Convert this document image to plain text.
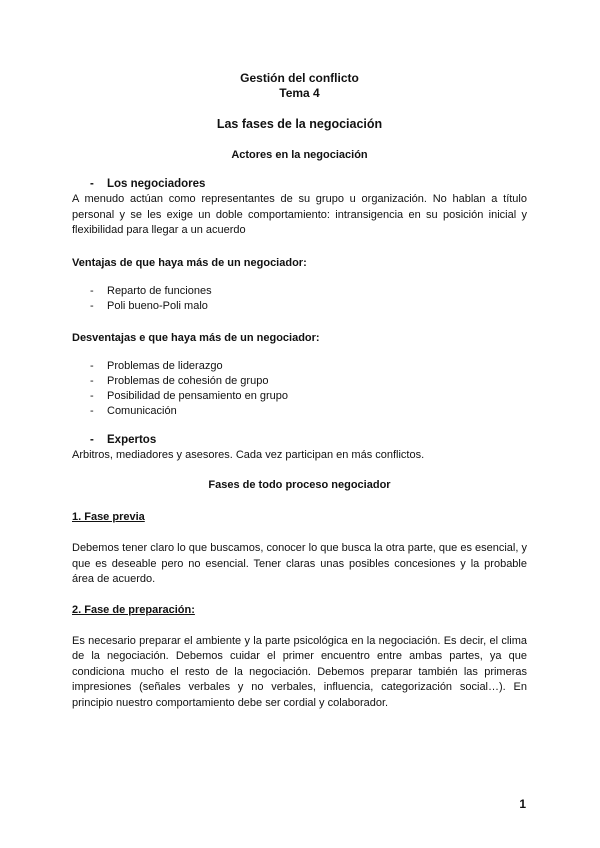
Gestión del conflicto
Tema 4
Las fases de la negociación
Actores en la negociación
- Los negociadores
A menudo actúan como representantes de su grupo u organización. No hablan a título personal y se les exige un doble comportamiento: intransigencia en su posición inicial y flexibilidad para llegar a un acuerdo
Ventajas de que haya más de un negociador:
- Reparto de funciones
- Poli bueno-Poli malo
Desventajas e que haya más de un negociador:
- Problemas de liderazgo
- Problemas de cohesión de grupo
- Posibilidad de pensamiento en grupo
- Comunicación
- Expertos
Arbitros, mediadores y asesores. Cada vez participan en más conflictos.
Fases de todo proceso negociador
1. Fase previa
Debemos tener claro lo que buscamos, conocer lo que busca la otra parte, que es esencial, y que es deseable pero no esencial. Tener claras unas posibles concesiones y la probable área de acuerdo.
2. Fase de preparación:
Es necesario preparar el ambiente y la parte psicológica en la negociación. Es decir, el clima de la negociación. Debemos cuidar el primer encuentro entre ambas partes, ya que condiciona mucho el resto de la negociación. Debemos preparar también las primeras impresiones (señales verbales y no verbales, influencia, categorización social…). En principio nuestro comportamiento debe ser cordial y colaborador.
1
